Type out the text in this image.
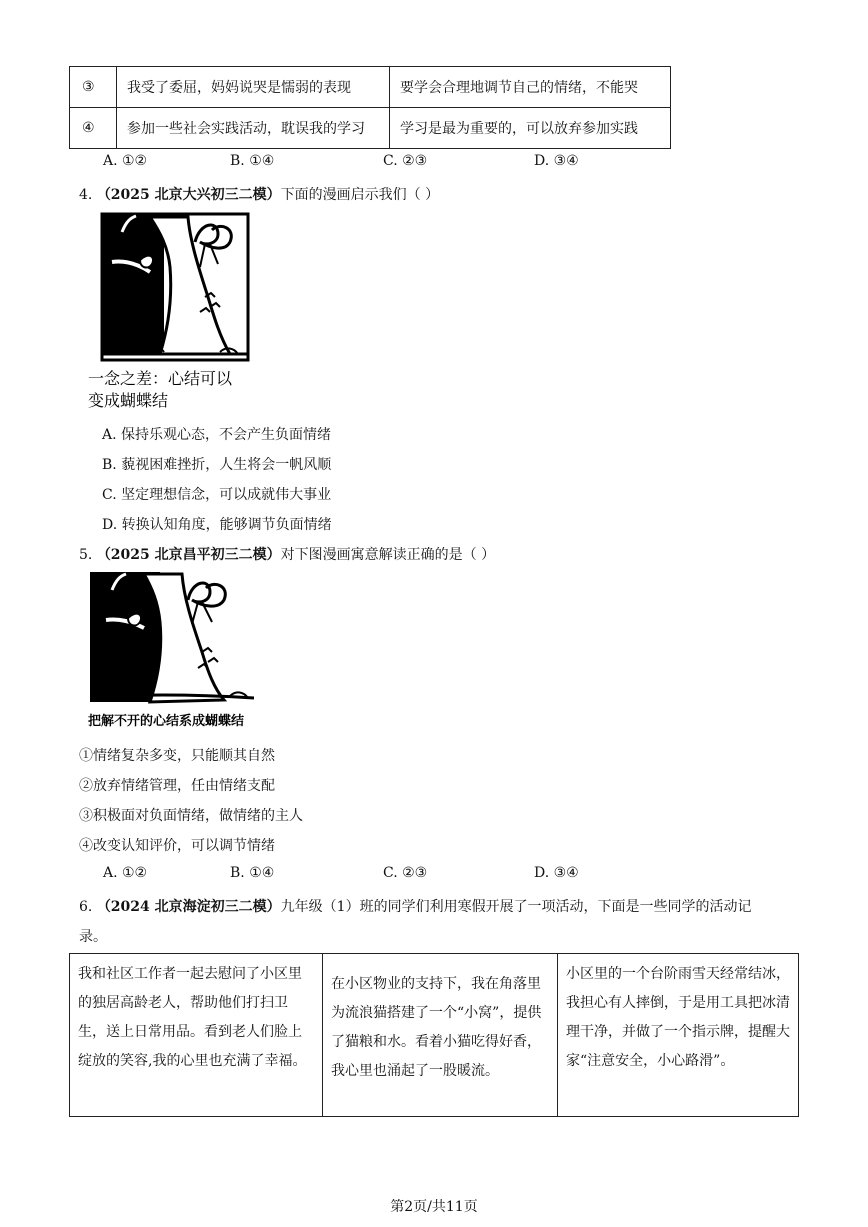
③	我受了委屈，妈妈说哭是懦弱的表现	要学会合理地调节自己的情绪，不能哭
④	参加一些社会实践活动，耽误我的学习	学习是最为重要的，可以放弃参加实践
A. ①②	B. ①④	C. ②③	D. ③④
4. （2025 北京大兴初三二模）下面的漫画启示我们（ ）
一念之差：心结可以
变成蝴蝶结
A. 保持乐观心态，不会产生负面情绪
B. 藐视困难挫折，人生将会一帆风顺
C. 坚定理想信念，可以成就伟大事业
D. 转换认知角度，能够调节负面情绪
5. （2025 北京昌平初三二模）对下图漫画寓意解读正确的是（ ）
把解不开的心结系成蝴蝶结
①情绪复杂多变，只能顺其自然
②放弃情绪管理，任由情绪支配
③积极面对负面情绪，做情绪的主人
④改变认知评价，可以调节情绪
A. ①②	B. ①④	C. ②③	D. ③④
6. （2024 北京海淀初三二模）九年级（1）班的同学们利用寒假开展了一项活动，下面是一些同学的活动记
录。
我和社区工作者一起去慰问了小区里的独居高龄老人，帮助他们打扫卫生，送上日常用品。看到老人们脸上绽放的笑容,我的心里也充满了幸福。	在小区物业的支持下，我在角落里为流浪猫搭建了一个“小窝”，提供了猫粮和水。看着小猫吃得好香，我心里也涌起了一股暖流。	小区里的一个台阶雨雪天经常结冰，我担心有人摔倒，于是用工具把冰清理干净，并做了一个指示牌，提醒大家“注意安全，小心路滑”。
第2页/共11页
